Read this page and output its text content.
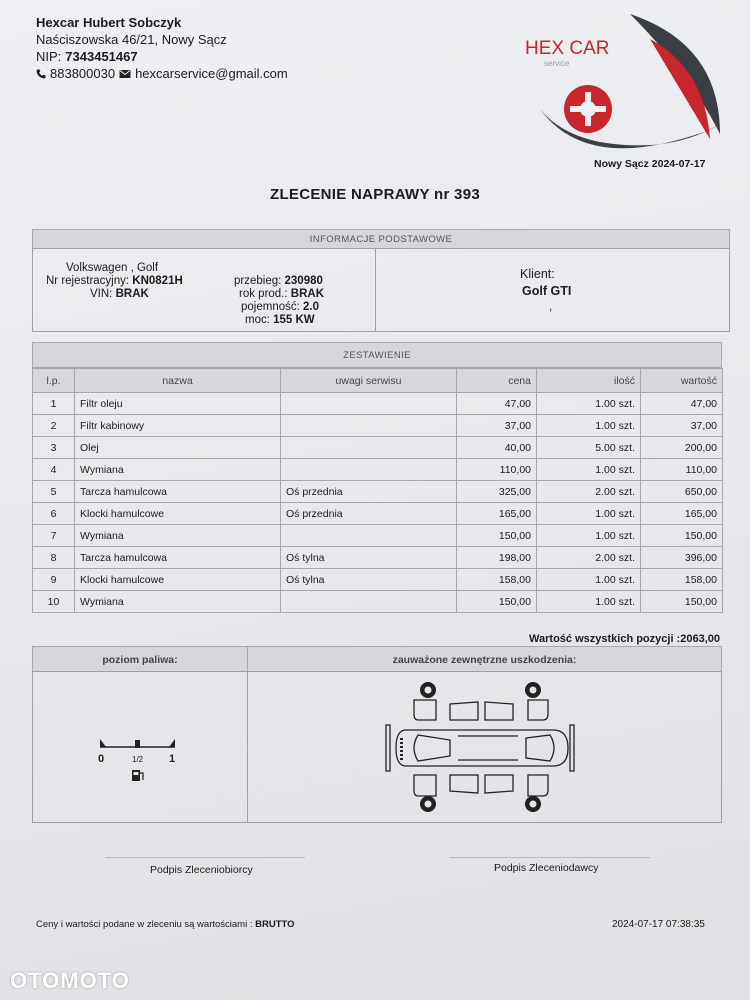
Hexcar Hubert Sobczyk
Naściszowska 46/21, Nowy Sącz
NIP: 7343451467
883800030 hexcarservice@gmail.com
HEX CAR
service
Nowy Sącz 2024-07-17
ZLECENIE NAPRAWY nr 393
INFORMACJE PODSTAWOWE
Volkswagen , Golf
Nr rejestracyjny: KN0821H
VIN: BRAK
przebieg: 230980
rok prod.: BRAK
pojemność: 2.0
moc: 155 KW
Klient:
Golf GTI
,
ZESTAWIENIE
l.p.	nazwa	uwagi serwisu	cena	ilość	wartość
1	Filtr oleju		47,00	1.00 szt.	47,00
2	Filtr kabinowy		37,00	1.00 szt.	37,00
3	Olej		40,00	5.00 szt.	200,00
4	Wymiana		110,00	1.00 szt.	110,00
5	Tarcza hamulcowa	Oś przednia	325,00	2.00 szt.	650,00
6	Klocki hamulcowe	Oś przednia	165,00	1.00 szt.	165,00
7	Wymiana		150,00	1.00 szt.	150,00
8	Tarcza hamulcowa	Oś tylna	198,00	2.00 szt.	396,00
9	Klocki hamulcowe	Oś tylna	158,00	1.00 szt.	158,00
10	Wymiana		150,00	1.00 szt.	150,00
Wartość wszystkich pozycji :2063,00
poziom paliwa:	zauważone zewnętrzne uszkodzenia:
0	1/2 1
Podpis Zleceniobiorcy	Podpis Zleceniodawcy
Ceny i wartości podane w zleceniu są wartościami : BRUTTO	2024-07-17 07:38:35
OTOMOTO
